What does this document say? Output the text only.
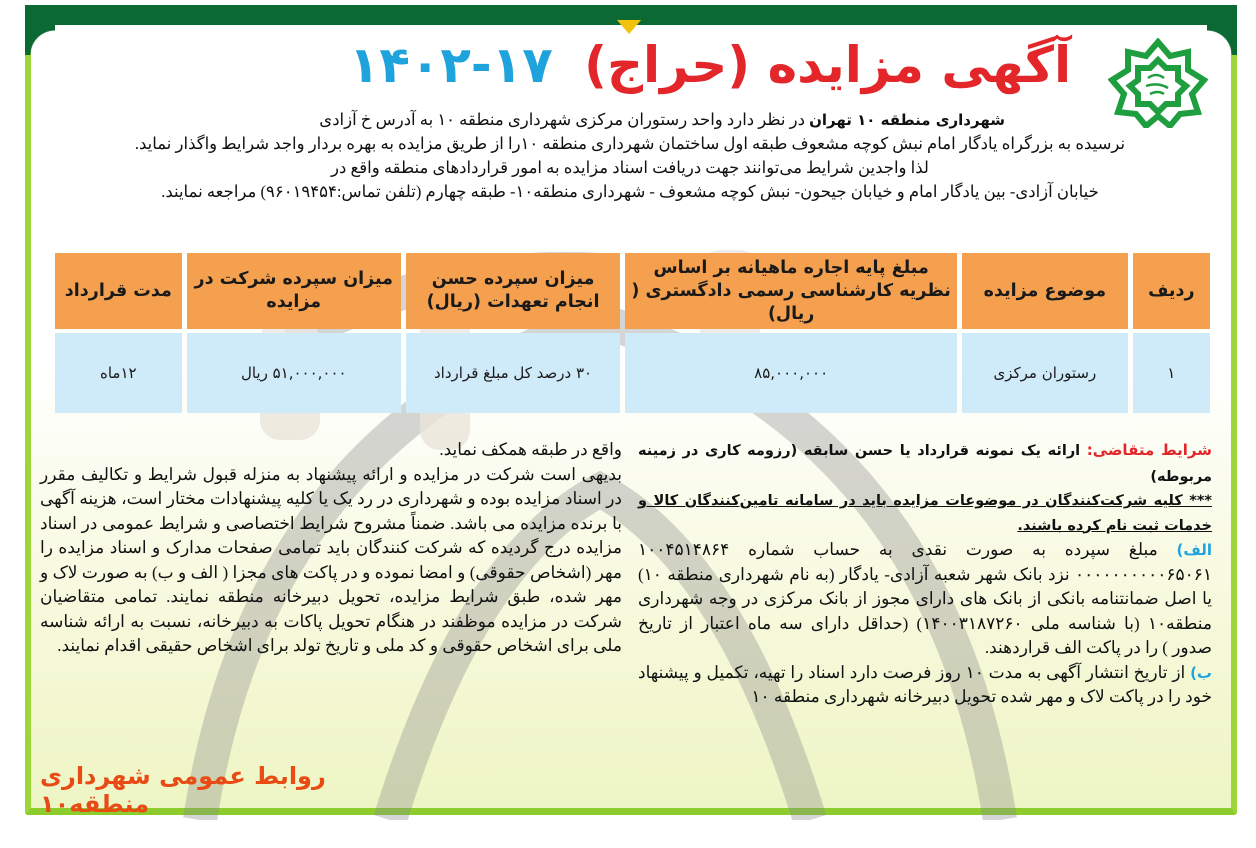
آگهی مزایده (حراج) ۱۷-۱۴۰۲

شهرداری منطقه ۱۰ تهران در نظر دارد واحد رستوران مرکزی شهرداری منطقه ۱۰ به آدرس خ آزادی

نرسیده به بزرگراه یادگار امام نبش کوچه مشعوف طبقه اول ساختمان شهرداری منطقه ۱۰را از طریق مزایده به بهره بردار واجد شرایط واگذار نماید.

لذا واجدین شرایط می‌توانند جهت دریافت اسناد مزایده به امور قراردادهای منطقه واقع در

خیابان آزادی- بین یادگار امام و خیابان جیحون- نبش کوچه مشعوف - شهرداری منطقه۱۰- طبقه چهارم (تلفن تماس:۹۶۰۱۹۴۵۴) مراجعه نمایند.

ردیف	موضوع مزایده	مبلغ پایه اجاره ماهیانه بر اساس نظریه کارشناسی رسمی دادگستری ( ریال)	میزان سپرده حسن انجام تعهدات (ریال)	میزان سپرده شرکت در مزایده	مدت قرارداد
۱	رستوران مرکزی	۸۵,۰۰۰,۰۰۰	۳۰ درصد کل مبلغ قرارداد	۵۱,۰۰۰,۰۰۰ ریال	۱۲ماه

شرایط متقاضی: ارائه یک نمونه قرارداد یا حسن سابقه (رزومه کاری در زمینه مربوطه)

*** کلیه شرکت‌کنندگان در موضوعات مزایده باید در سامانه تامین‌کنندگان کالا و خدمات ثبت نام کرده باشند.

الف) مبلغ سپرده به صورت نقدی به حساب شماره ۱۰۰۴۵۱۴۸۶۴ ۰۰۰۰۰۰۰۰۰۰۶۵۰۶۱ نزد بانک شهر شعبه آزادی- یادگار (به نام شهرداری منطقه ۱۰) یا اصل ضمانتنامه بانکی از بانک های دارای مجوز از بانک مرکزی در وجه شهرداری منطقه۱۰ (با شناسه ملی ۱۴۰۰۳۱۸۷۲۶۰) (حداقل دارای سه ماه اعتبار از تاریخ صدور ) را در پاکت الف قراردهند.

ب) از تاریخ انتشار آگهی به مدت ۱۰ روز فرصت دارد اسناد را تهیه، تکمیل و پیشنهاد خود را در پاکت لاک و مهر شده تحویل دبیرخانه شهرداری منطقه ۱۰

واقع در طبقه همکف نماید.

بدیهی است شرکت در مزایده و ارائه پیشنهاد به منزله قبول شرایط و تکالیف مقرر در اسناد مزایده بوده و شهرداری در رد یک یا کلیه پیشنهادات مختار است، هزینه آگهی با برنده مزایده می باشد. ضمناً مشروح شرایط اختصاصی و شرایط عمومی در اسناد مزایده درج گردیده که شرکت کنندگان باید تمامی صفحات مدارک و اسناد مزایده را مهر (اشخاص حقوقی) و امضا نموده و در پاکت های مجزا ( الف و ب) به صورت لاک و مهر شده، طبق شرایط مزایده، تحویل دبیرخانه منطقه نمایند. تمامی متقاضیان شرکت در مزایده موظفند در هنگام تحویل پاکات به دبیرخانه، نسبت به ارائه شناسه ملی برای اشخاص حقوقی و کد ملی و تاریخ تولد برای اشخاص حقیقی اقدام نمایند.

روابط عمومی شهرداری منطقه۱۰
